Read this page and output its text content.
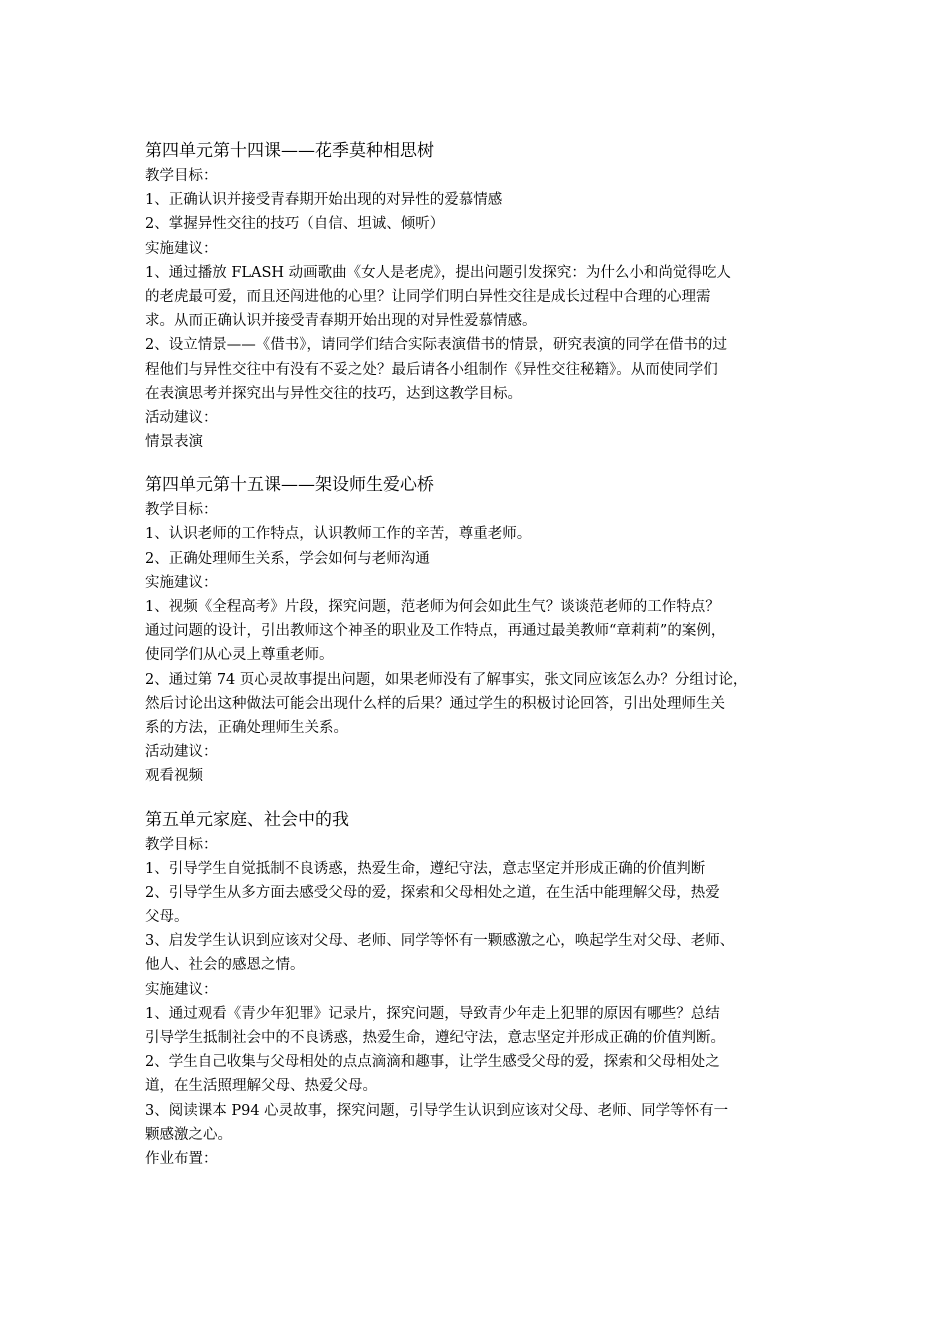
第四单元第十四课——花季莫种相思树
教学目标：
1、正确认识并接受青春期开始出现的对异性的爱慕情感
2、掌握异性交往的技巧（自信、坦诚、倾听）
实施建议：
1、通过播放 FLASH 动画歌曲《女人是老虎》，提出问题引发探究：为什么小和尚觉得吃人
的老虎最可爱，而且还闯进他的心里？让同学们明白异性交往是成长过程中合理的心理需
求。从而正确认识并接受青春期开始出现的对异性爱慕情感。
2、设立情景——《借书》，请同学们结合实际表演借书的情景，研究表演的同学在借书的过
程他们与异性交往中有没有不妥之处？最后请各小组制作《异性交往秘籍》。从而使同学们
在表演思考并探究出与异性交往的技巧，达到这教学目标。
活动建议：
情景表演
第四单元第十五课——架设师生爱心桥
教学目标：
1、认识老师的工作特点，认识教师工作的辛苦，尊重老师。
2、正确处理师生关系，学会如何与老师沟通
实施建议：
1、视频《全程高考》片段，探究问题，范老师为何会如此生气？谈谈范老师的工作特点？
通过问题的设计，引出教师这个神圣的职业及工作特点，再通过最美教师“章莉莉”的案例，
使同学们从心灵上尊重老师。
2、通过第 74 页心灵故事提出问题，如果老师没有了解事实，张文同应该怎么办？分组讨论，
然后讨论出这种做法可能会出现什么样的后果？通过学生的积极讨论回答，引出处理师生关
系的方法，正确处理师生关系。
活动建议：
观看视频
第五单元家庭、社会中的我
教学目标：
1、引导学生自觉抵制不良诱惑，热爱生命，遵纪守法，意志坚定并形成正确的价值判断
2、引导学生从多方面去感受父母的爱，探索和父母相处之道，在生活中能理解父母，热爱
父母。
3、启发学生认识到应该对父母、老师、同学等怀有一颗感激之心，唤起学生对父母、老师、
他人、社会的感恩之情。
实施建议：
1、通过观看《青少年犯罪》记录片，探究问题，导致青少年走上犯罪的原因有哪些？总结
引导学生抵制社会中的不良诱惑，热爱生命，遵纪守法，意志坚定并形成正确的价值判断。
2、学生自己收集与父母相处的点点滴滴和趣事，让学生感受父母的爱，探索和父母相处之
道，在生活照理解父母、热爱父母。
3、阅读课本 P94 心灵故事，探究问题，引导学生认识到应该对父母、老师、同学等怀有一
颗感激之心。
作业布置：
